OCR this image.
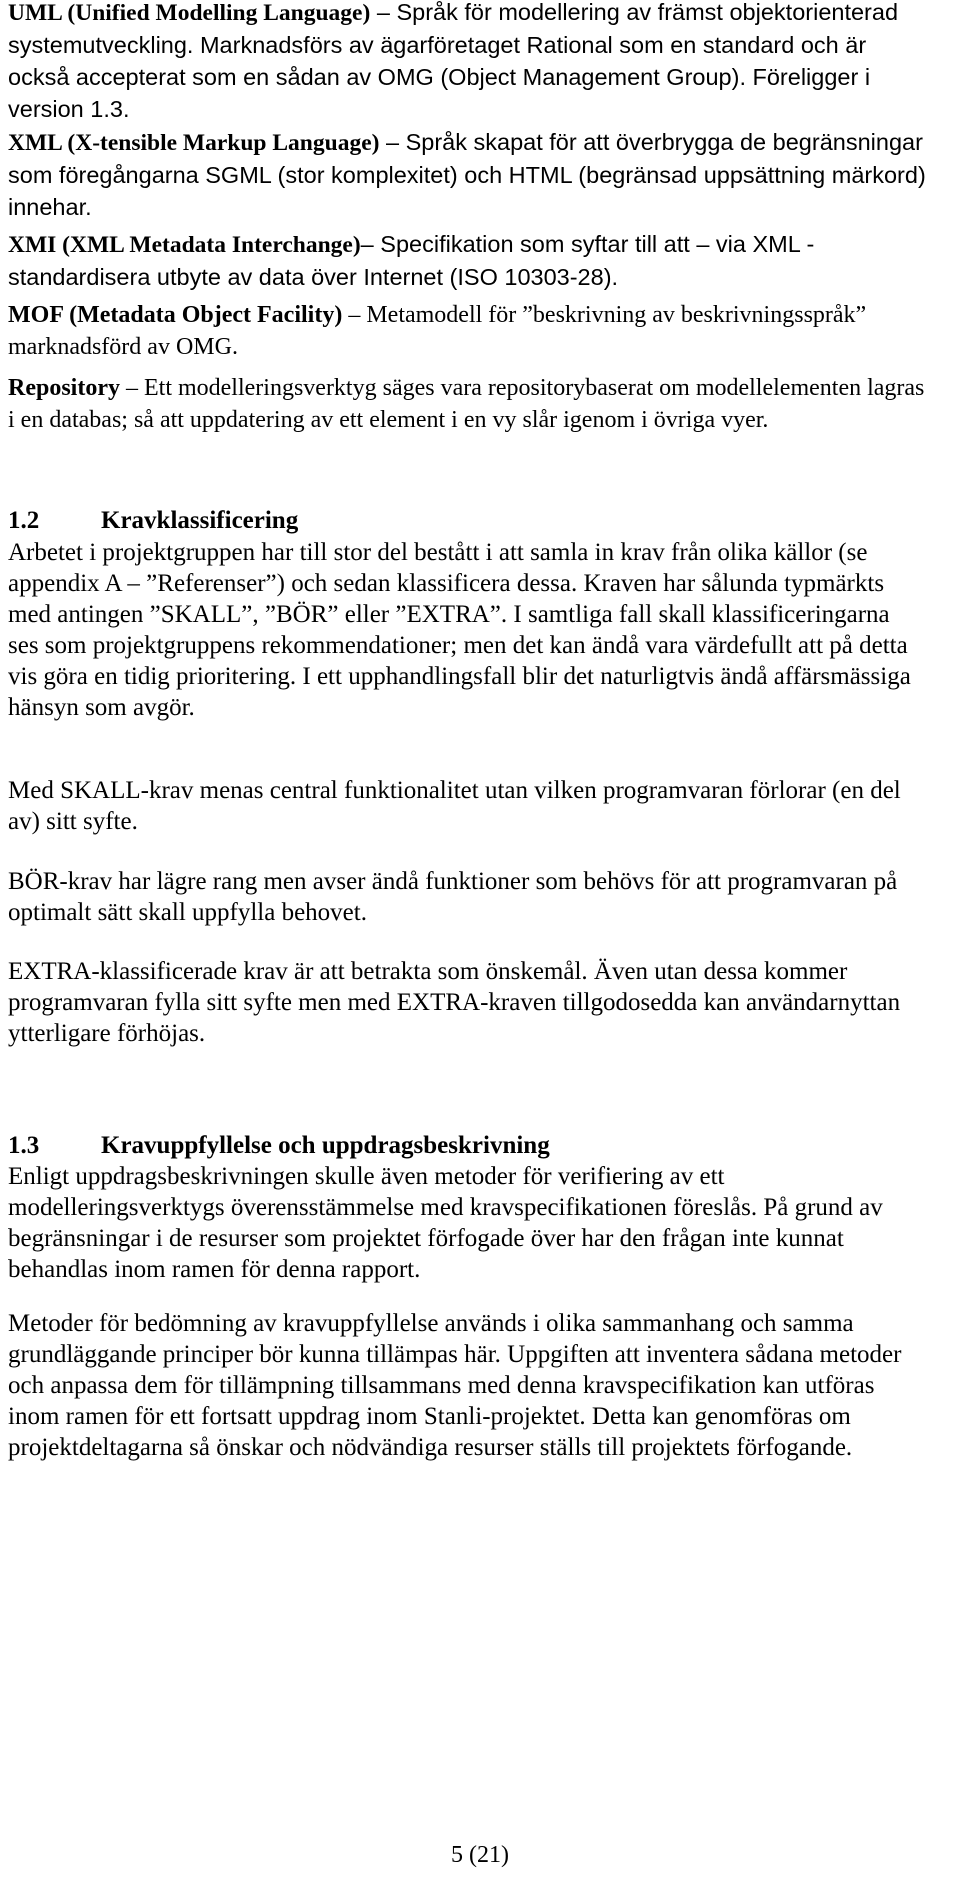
UML (Unified Modelling Language) – Språk för modellering av främst objektorienterad systemutveckling. Marknadsförs av ägarföretaget Rational som en standard och är också accepterat som en sådan av OMG (Object Management Group). Föreligger i version 1.3.

XML (X-tensible Markup Language) – Språk skapat för att överbrygga de begränsningar som föregångarna SGML (stor komplexitet) och HTML (begränsad uppsättning märkord) innehar.

XMI (XML Metadata Interchange)– Specifikation som syftar till att – via XML - standardisera utbyte av data över Internet (ISO 10303-28).

MOF (Metadata Object Facility) – Metamodell för ”beskrivning av beskrivningsspråk” marknadsförd av OMG.

Repository – Ett modelleringsverktyg säges vara repositorybaserat om modellelementen lagras i en databas; så att uppdatering av ett element i en vy slår igenom i övriga vyer.

1.2	Kravklassificering

Arbetet i projektgruppen har till stor del bestått i att samla in krav från olika källor (se appendix A – ”Referenser”) och sedan klassificera dessa. Kraven har sålunda typmärkts med antingen ”SKALL”, ”BÖR” eller ”EXTRA”. I samtliga fall skall klassificeringarna ses som projektgruppens rekommendationer; men det kan ändå vara värdefullt att på detta vis göra en tidig prioritering. I ett upphandlingsfall blir det naturligtvis ändå affärsmässiga hänsyn som avgör.

Med SKALL-krav menas central funktionalitet utan vilken programvaran förlorar (en del av) sitt syfte.

BÖR-krav har lägre rang men avser ändå funktioner som behövs för att programvaran på optimalt sätt skall uppfylla behovet.

EXTRA-klassificerade krav är att betrakta som önskemål. Även utan dessa kommer programvaran fylla sitt syfte men med EXTRA-kraven tillgodosedda kan användarnyttan ytterligare förhöjas.

1.3	Kravuppfyllelse och uppdragsbeskrivning

Enligt uppdragsbeskrivningen skulle även metoder för verifiering av ett modelleringsverktygs överensstämmelse med kravspecifikationen föreslås. På grund av begränsningar i de resurser som projektet förfogade över har den frågan inte kunnat behandlas inom ramen för denna rapport.

Metoder för bedömning av kravuppfyllelse används i olika sammanhang och samma grundläggande principer bör kunna tillämpas här. Uppgiften att inventera sådana metoder och anpassa dem för tillämpning tillsammans med denna kravspecifikation kan utföras inom ramen för ett fortsatt uppdrag inom Stanli-projektet. Detta kan genomföras om projektdeltagarna så önskar och nödvändiga resurser ställs till projektets förfogande.

5 (21)
